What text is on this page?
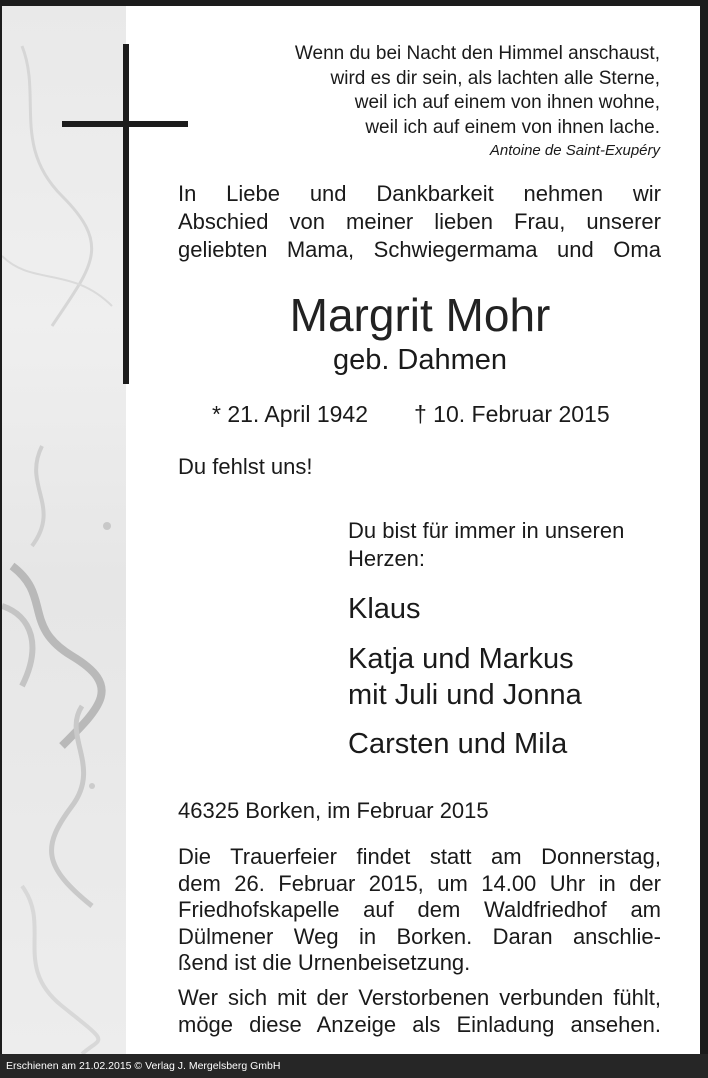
Wenn du bei Nacht den Himmel anschaust,
wird es dir sein, als lachten alle Sterne,
weil ich auf einem von ihnen wohne,
weil ich auf einem von ihnen lache.
Antoine de Saint-Exupéry
In Liebe und Dankbarkeit nehmen wir
Abschied von meiner lieben Frau, unserer
geliebten Mama, Schwiegermama und Oma
Margrit Mohr
geb. Dahmen
* 21. April 1942 † 10. Februar 2015
Du fehlst uns!
Du bist für immer in unseren
Herzen:
Klaus
Katja und Markus
mit Juli und Jonna
Carsten und Mila
46325 Borken, im Februar 2015
Die Trauerfeier findet statt am Donnerstag,
dem 26. Februar 2015, um 14.00 Uhr in der
Friedhofskapelle auf dem Waldfriedhof am
Dülmener Weg in Borken. Daran anschlie-
ßend ist die Urnenbeisetzung.
Wer sich mit der Verstorbenen verbunden fühlt,
möge diese Anzeige als Einladung ansehen.
Erschienen am 21.02.2015 © Verlag J. Mergelsberg GmbH
